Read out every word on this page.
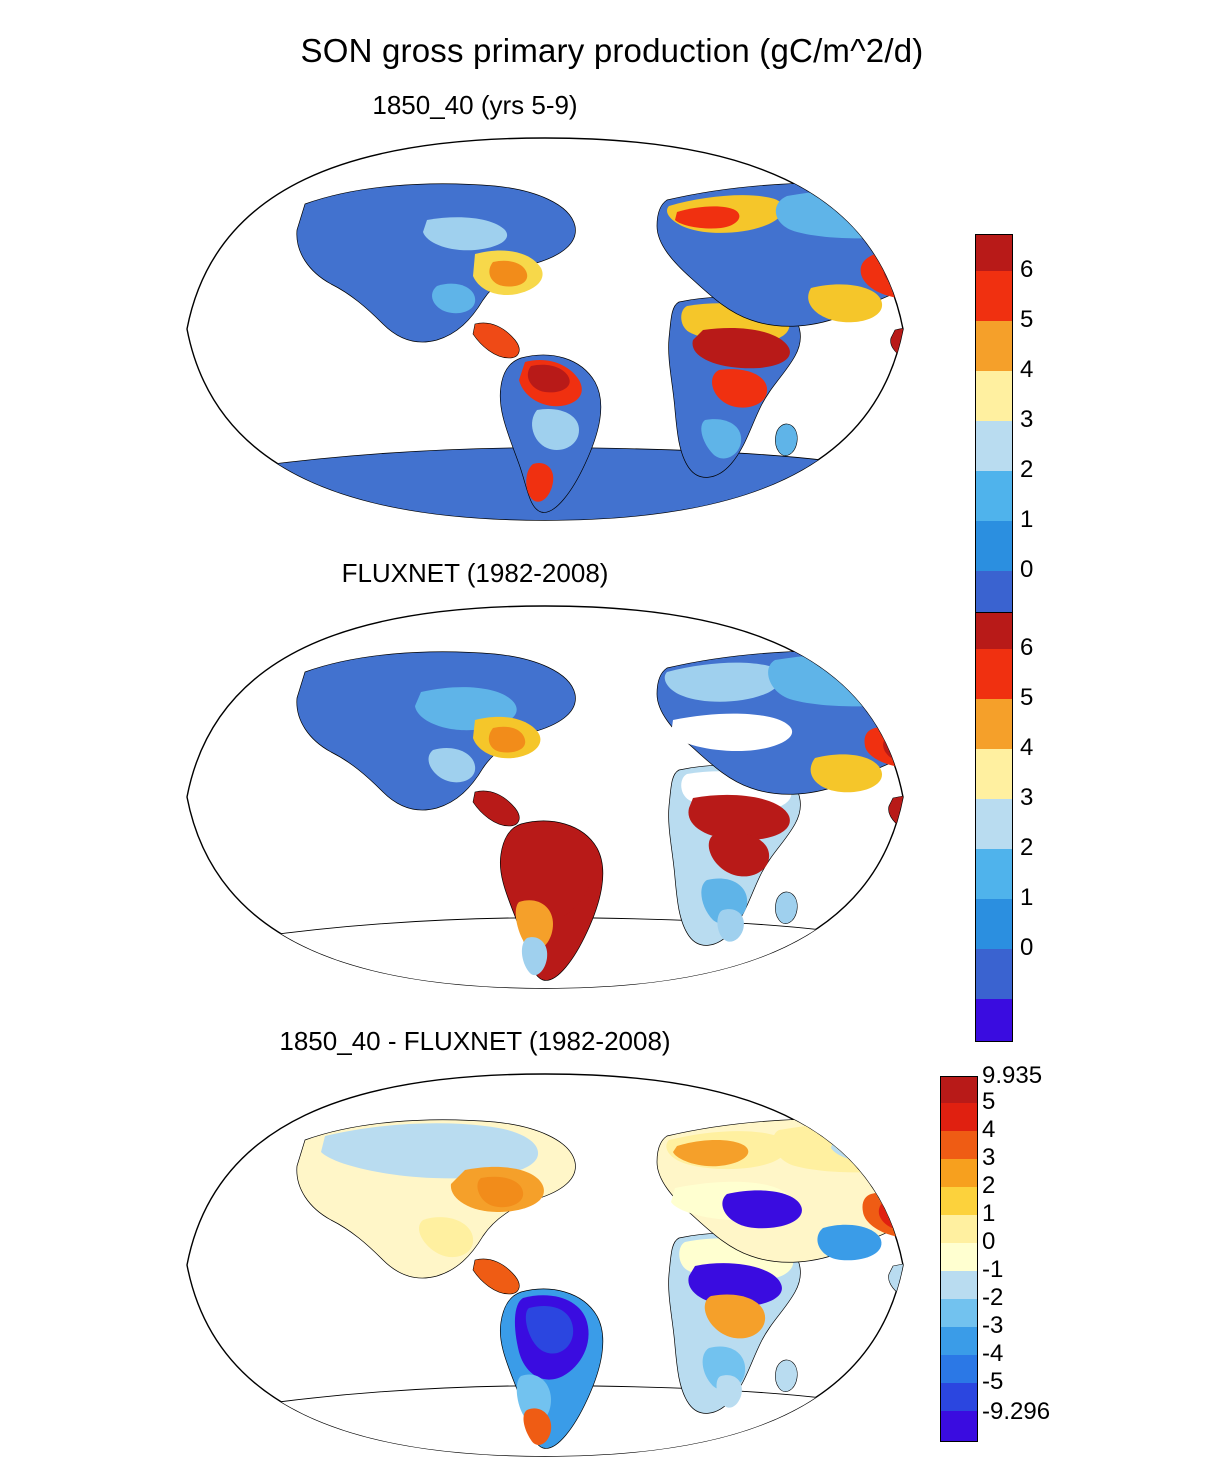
SON gross primary production (gC/m^2/d)
1850_40 (yrs 5-9)
6
5
4
3
2
1
0
FLUXNET (1982-2008)
6
5
4
3
2
1
0
1850_40 - FLUXNET (1982-2008)
9.935
5
4
3
2
1
0
-1
-2
-3
-4
-5
-9.296
